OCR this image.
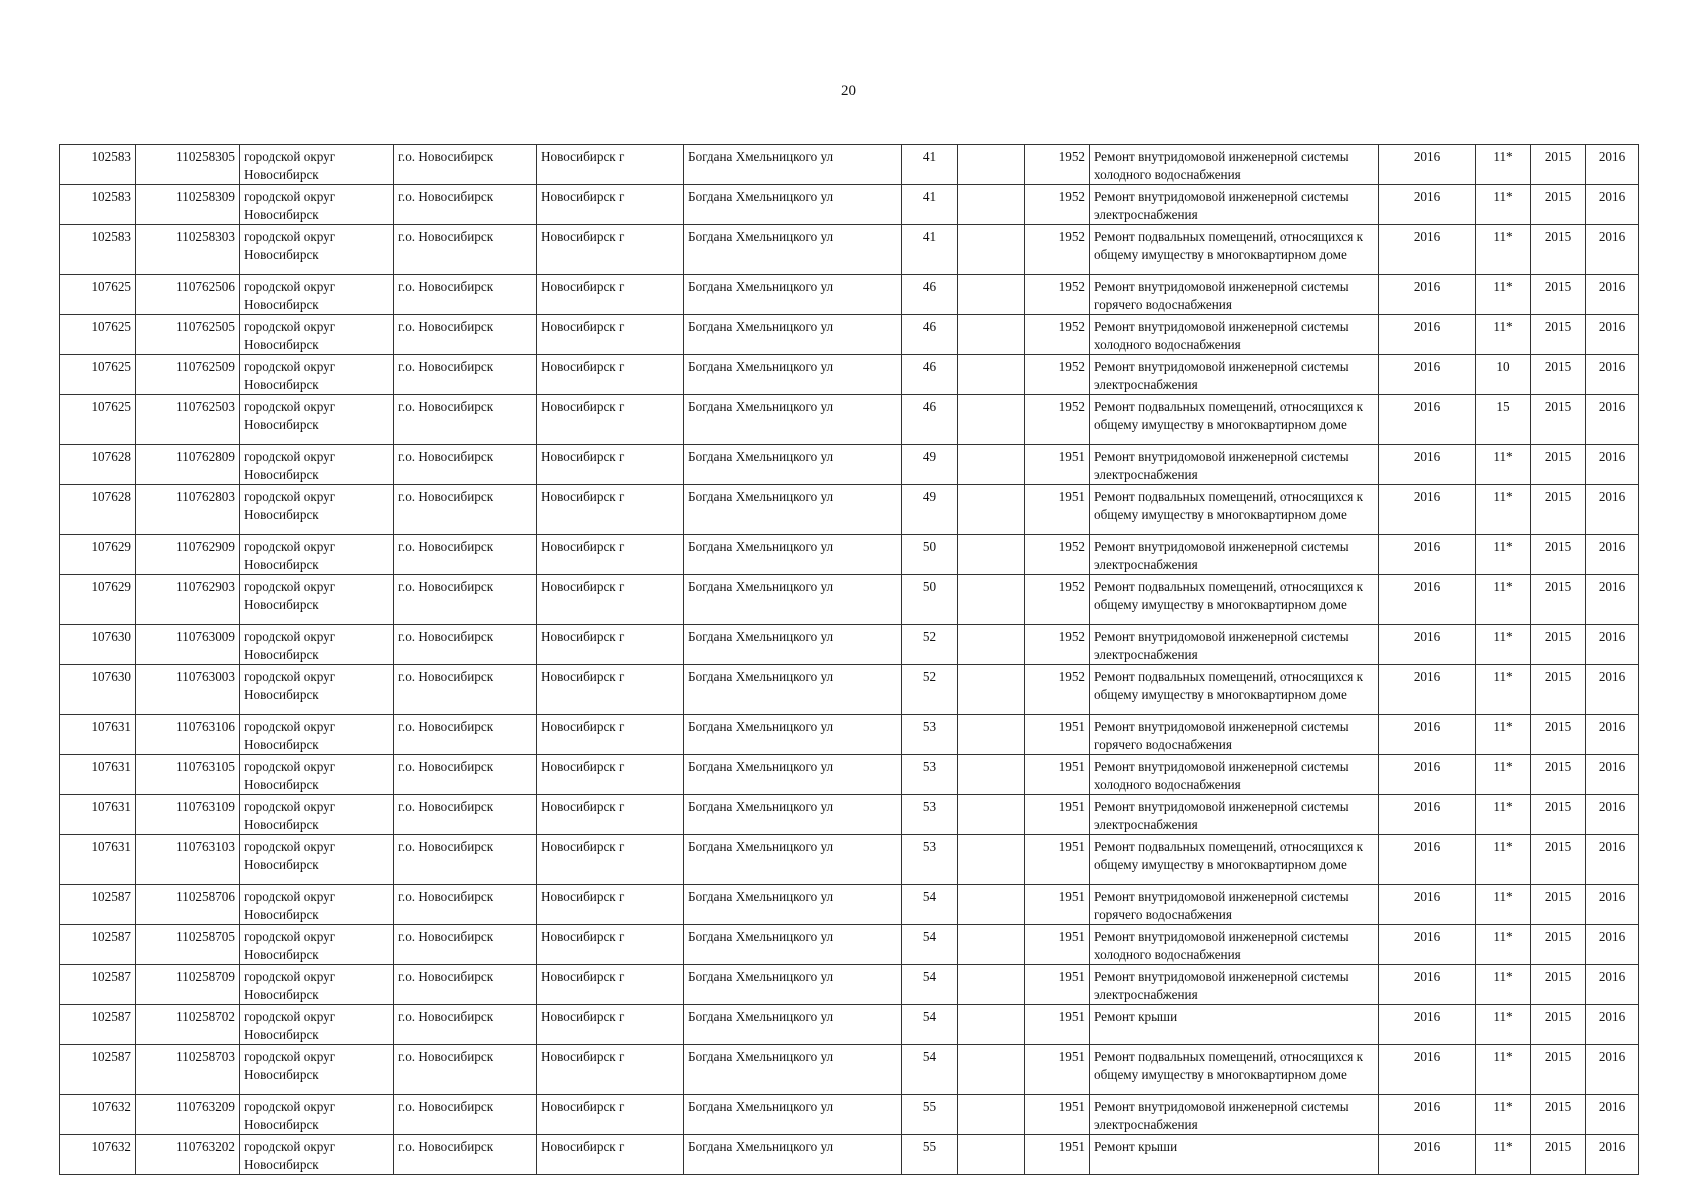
20
102583	110258305	городской округ Новосибирск	г.о. Новосибирск	Новосибирск г	Богдана Хмельницкого ул	41		1952	Ремонт внутридомовой инженерной системы холодного водоснабжения	2016	11*	2015	2016
102583	110258309	городской округ Новосибирск	г.о. Новосибирск	Новосибирск г	Богдана Хмельницкого ул	41		1952	Ремонт внутридомовой инженерной системы электроснабжения	2016	11*	2015	2016
102583	110258303	городской округ Новосибирск	г.о. Новосибирск	Новосибирск г	Богдана Хмельницкого ул	41		1952	Ремонт подвальных помещений, относящихся к общему имуществу в многоквартирном доме	2016	11*	2015	2016
107625	110762506	городской округ Новосибирск	г.о. Новосибирск	Новосибирск г	Богдана Хмельницкого ул	46		1952	Ремонт внутридомовой инженерной системы горячего водоснабжения	2016	11*	2015	2016
107625	110762505	городской округ Новосибирск	г.о. Новосибирск	Новосибирск г	Богдана Хмельницкого ул	46		1952	Ремонт внутридомовой инженерной системы холодного водоснабжения	2016	11*	2015	2016
107625	110762509	городской округ Новосибирск	г.о. Новосибирск	Новосибирск г	Богдана Хмельницкого ул	46		1952	Ремонт внутридомовой инженерной системы электроснабжения	2016	10	2015	2016
107625	110762503	городской округ Новосибирск	г.о. Новосибирск	Новосибирск г	Богдана Хмельницкого ул	46		1952	Ремонт подвальных помещений, относящихся к общему имуществу в многоквартирном доме	2016	15	2015	2016
107628	110762809	городской округ Новосибирск	г.о. Новосибирск	Новосибирск г	Богдана Хмельницкого ул	49		1951	Ремонт внутридомовой инженерной системы электроснабжения	2016	11*	2015	2016
107628	110762803	городской округ Новосибирск	г.о. Новосибирск	Новосибирск г	Богдана Хмельницкого ул	49		1951	Ремонт подвальных помещений, относящихся к общему имуществу в многоквартирном доме	2016	11*	2015	2016
107629	110762909	городской округ Новосибирск	г.о. Новосибирск	Новосибирск г	Богдана Хмельницкого ул	50		1952	Ремонт внутридомовой инженерной системы электроснабжения	2016	11*	2015	2016
107629	110762903	городской округ Новосибирск	г.о. Новосибирск	Новосибирск г	Богдана Хмельницкого ул	50		1952	Ремонт подвальных помещений, относящихся к общему имуществу в многоквартирном доме	2016	11*	2015	2016
107630	110763009	городской округ Новосибирск	г.о. Новосибирск	Новосибирск г	Богдана Хмельницкого ул	52		1952	Ремонт внутридомовой инженерной системы электроснабжения	2016	11*	2015	2016
107630	110763003	городской округ Новосибирск	г.о. Новосибирск	Новосибирск г	Богдана Хмельницкого ул	52		1952	Ремонт подвальных помещений, относящихся к общему имуществу в многоквартирном доме	2016	11*	2015	2016
107631	110763106	городской округ Новосибирск	г.о. Новосибирск	Новосибирск г	Богдана Хмельницкого ул	53		1951	Ремонт внутридомовой инженерной системы горячего водоснабжения	2016	11*	2015	2016
107631	110763105	городской округ Новосибирск	г.о. Новосибирск	Новосибирск г	Богдана Хмельницкого ул	53		1951	Ремонт внутридомовой инженерной системы холодного водоснабжения	2016	11*	2015	2016
107631	110763109	городской округ Новосибирск	г.о. Новосибирск	Новосибирск г	Богдана Хмельницкого ул	53		1951	Ремонт внутридомовой инженерной системы электроснабжения	2016	11*	2015	2016
107631	110763103	городской округ Новосибирск	г.о. Новосибирск	Новосибирск г	Богдана Хмельницкого ул	53		1951	Ремонт подвальных помещений, относящихся к общему имуществу в многоквартирном доме	2016	11*	2015	2016
102587	110258706	городской округ Новосибирск	г.о. Новосибирск	Новосибирск г	Богдана Хмельницкого ул	54		1951	Ремонт внутридомовой инженерной системы горячего водоснабжения	2016	11*	2015	2016
102587	110258705	городской округ Новосибирск	г.о. Новосибирск	Новосибирск г	Богдана Хмельницкого ул	54		1951	Ремонт внутридомовой инженерной системы холодного водоснабжения	2016	11*	2015	2016
102587	110258709	городской округ Новосибирск	г.о. Новосибирск	Новосибирск г	Богдана Хмельницкого ул	54		1951	Ремонт внутридомовой инженерной системы электроснабжения	2016	11*	2015	2016
102587	110258702	городской округ Новосибирск	г.о. Новосибирск	Новосибирск г	Богдана Хмельницкого ул	54		1951	Ремонт крыши	2016	11*	2015	2016
102587	110258703	городской округ Новосибирск	г.о. Новосибирск	Новосибирск г	Богдана Хмельницкого ул	54		1951	Ремонт подвальных помещений, относящихся к общему имуществу в многоквартирном доме	2016	11*	2015	2016
107632	110763209	городской округ Новосибирск	г.о. Новосибирск	Новосибирск г	Богдана Хмельницкого ул	55		1951	Ремонт внутридомовой инженерной системы электроснабжения	2016	11*	2015	2016
107632	110763202	городской округ Новосибирск	г.о. Новосибирск	Новосибирск г	Богдана Хмельницкого ул	55		1951	Ремонт крыши	2016	11*	2015	2016
